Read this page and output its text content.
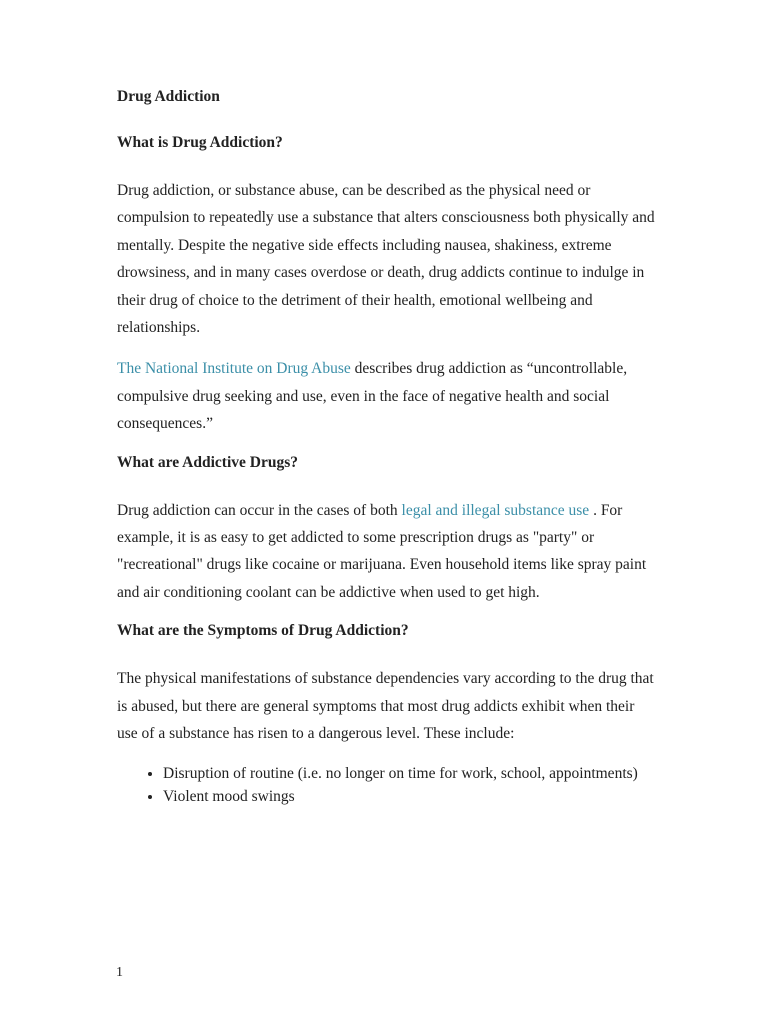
Drug Addiction

What is Drug Addiction?

Drug addiction, or substance abuse, can be described as the physical need or compulsion to repeatedly use a substance that alters consciousness both physically and mentally. Despite the negative side effects including nausea, shakiness, extreme drowsiness, and in many cases overdose or death, drug addicts continue to indulge in their drug of choice to the detriment of their health, emotional wellbeing and relationships.

The National Institute on Drug Abuse describes drug addiction as “uncontrollable, compulsive drug seeking and use, even in the face of negative health and social consequences.”

What are Addictive Drugs?

Drug addiction can occur in the cases of both legal and illegal substance use . For example, it is as easy to get addicted to some prescription drugs as "party" or "recreational" drugs like cocaine or marijuana. Even household items like spray paint and air conditioning coolant can be addictive when used to get high.

What are the Symptoms of Drug Addiction?

The physical manifestations of substance dependencies vary according to the drug that is abused, but there are general symptoms that most drug addicts exhibit when their use of a substance has risen to a dangerous level. These include:

• Disruption of routine (i.e. no longer on time for work, school, appointments)
• Violent mood swings
1
